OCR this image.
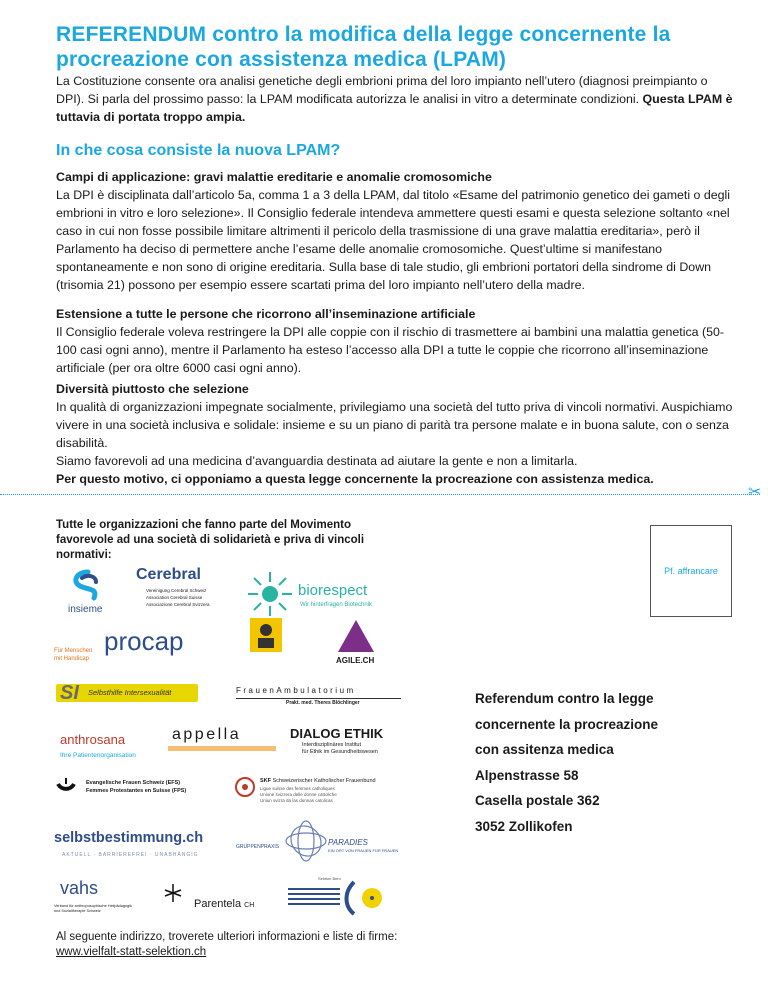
REFERENDUM contro la modifica della legge concernente la procreazione con assistenza medica (LPAM)

La Costituzione consente ora analisi genetiche degli embrioni prima del loro impianto nell’utero (diagnosi preimpianto o DPI). Si parla del prossimo passo: la LPAM modificata autorizza le analisi in vitro a determinate condizioni. Questa LPAM è tuttavia di portata troppo ampia.

In che cosa consiste la nuova LPAM?
Campi di applicazione: gravi malattie ereditarie e anomalie cromosomiche

La DPI è disciplinata dall’articolo 5a, comma 1 a 3 della LPAM, dal titolo «Esame del patrimonio genetico dei gameti o degli embrioni in vitro e loro selezione». Il Consiglio federale intendeva ammettere questi esami e questa selezione soltanto «nel caso in cui non fosse possibile limitare altrimenti il pericolo della trasmissione di una grave malattia ereditaria», però il Parlamento ha deciso di permettere anche l’esame delle anomalie cromosomiche. Quest’ultime si manifestano spontaneamente e non sono di origine ereditaria. Sulla base di tale studio, gli embrioni portatori della sindrome di Down (trisomia 21) possono per esempio essere scartati prima del loro impianto nell’utero della madre.

Estensione a tutte le persone che ricorrono all’inseminazione artificiale

Il Consiglio federale voleva restringere la DPI alle coppie con il rischio di trasmettere ai bambini una malattia genetica (50-100 casi ogni anno), mentre il Parlamento ha esteso l’accesso alla DPI a tutte le coppie che ricorrono all’inseminazione artificiale (per ora oltre 6000 casi ogni anno).

Diversità piuttosto che selezione

In qualità di organizzazioni impegnate socialmente, privilegiamo una società del tutto priva di vincoli normativi. Auspichiamo vivere in una società inclusiva e solidale: insieme e su un piano di parità tra persone malate e in buona salute, con o senza disabilità.

Siamo favorevoli ad una medicina d’avanguardia destinata ad aiutare la gente e non a limitarla.

Per questo motivo, ci opponiamo a questa legge concernente la procreazione con assistenza medica.

✂

Tutte le organizzazioni che fanno parte del Movimento favorevole ad una società di solidarietà e priva di vincoli normativi:

Pf. affrancare
insieme
Cerebral
Vereinigung Cerebral Schweiz
Association Cerebral Suisse
Associazione Cerebral Svizzera
biorespect
Wir hinterfragen Biotechnik
procap
Für Menschen
mit Handicap	AGILE.CH
SI Selbsthilfe Intersexualität	FrauenAmbulatorium
Prakt. med. Theres Blöchlinger
appella	DIALOG ETHIK
Interdisziplinäres Institut
für Ethik im Gesundheitswesen
anthrosana
Ihre Patientenorganisation
Evangelische Frauen Schweiz (EFS)
Femmes Protestantes en Suisse (FPS)
SKF Schweizerischer Katholischer Frauenbund
Ligue suisse des femmes catholiques
Unione svizzera delle donne cattoliche
Uniun svizra da las dunnas catolicas
selbstbestimmung.ch
AKTUELL · BARRIEREFREI · UNABHÄNGIG
GRUPPENPRAXIS	PARADIES
EIN ORT VON FRAUEN FÜR FRAUEN
vahs
Verband für anthroposophische Heilpädagogik
und Sozialtherapie Schweiz
Parentela CH
Sektion Bern
Referendum contro la legge
concernente la procreazione
con assitenza medica
Alpenstrasse 58
Casella postale 362
3052 Zollikofen
Al seguente indirizzo, troverete ulteriori informazioni e liste di firme:
www.vielfalt-statt-selektion.ch
